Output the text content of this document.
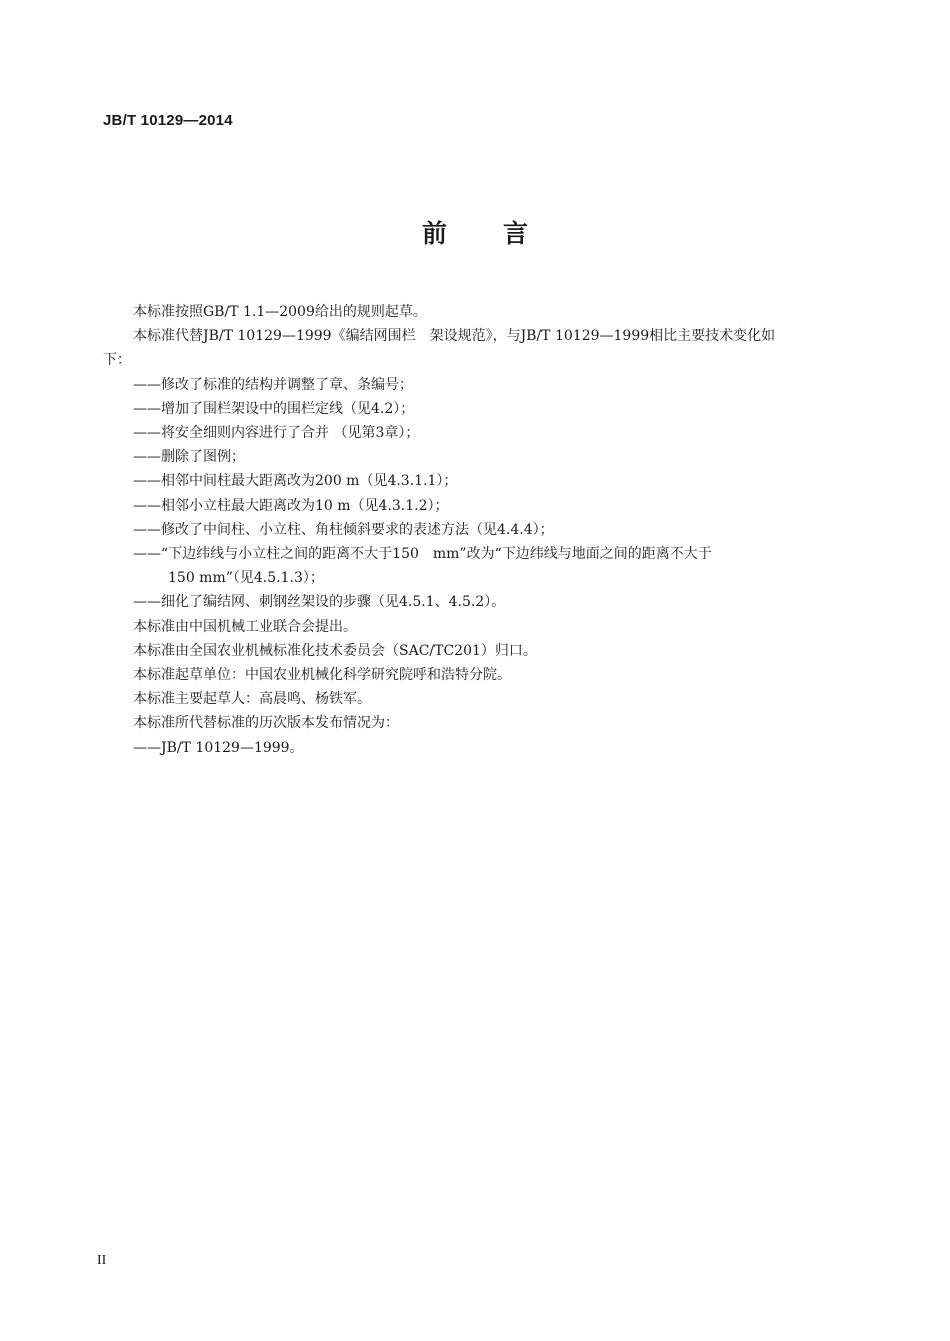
JB/T 10129—2014
前 言

本标准按照GB/T 1.1—2009给出的规则起草。

本标准代替JB/T 10129—1999《编结网围栏　架设规范》，与JB/T 10129—1999相比主要技术变化如

下：

——修改了标准的结构并调整了章、条编号；

——增加了围栏架设中的围栏定线（见4.2）；

——将安全细则内容进行了合并 （见第3章）；

——删除了图例；

——相邻中间柱最大距离改为200 m（见4.3.1.1）；

——相邻小立柱最大距离改为10 m（见4.3.1.2）；

——修改了中间柱、小立柱、角柱倾斜要求的表述方法（见4.4.4）；

——“下边纬线与小立柱之间的距离不大于150　mm”改为“下边纬线与地面之间的距离不大于

150 mm”（见4.5.1.3）；

——细化了编结网、刺钢丝架设的步骤（见4.5.1、4.5.2）。

本标准由中国机械工业联合会提出。

本标准由全国农业机械标准化技术委员会（SAC/TC201）归口。

本标准起草单位：中国农业机械化科学研究院呼和浩特分院。

本标准主要起草人：高晨鸣、杨铁军。

本标准所代替标准的历次版本发布情况为：

——JB/T 10129—1999。

II
